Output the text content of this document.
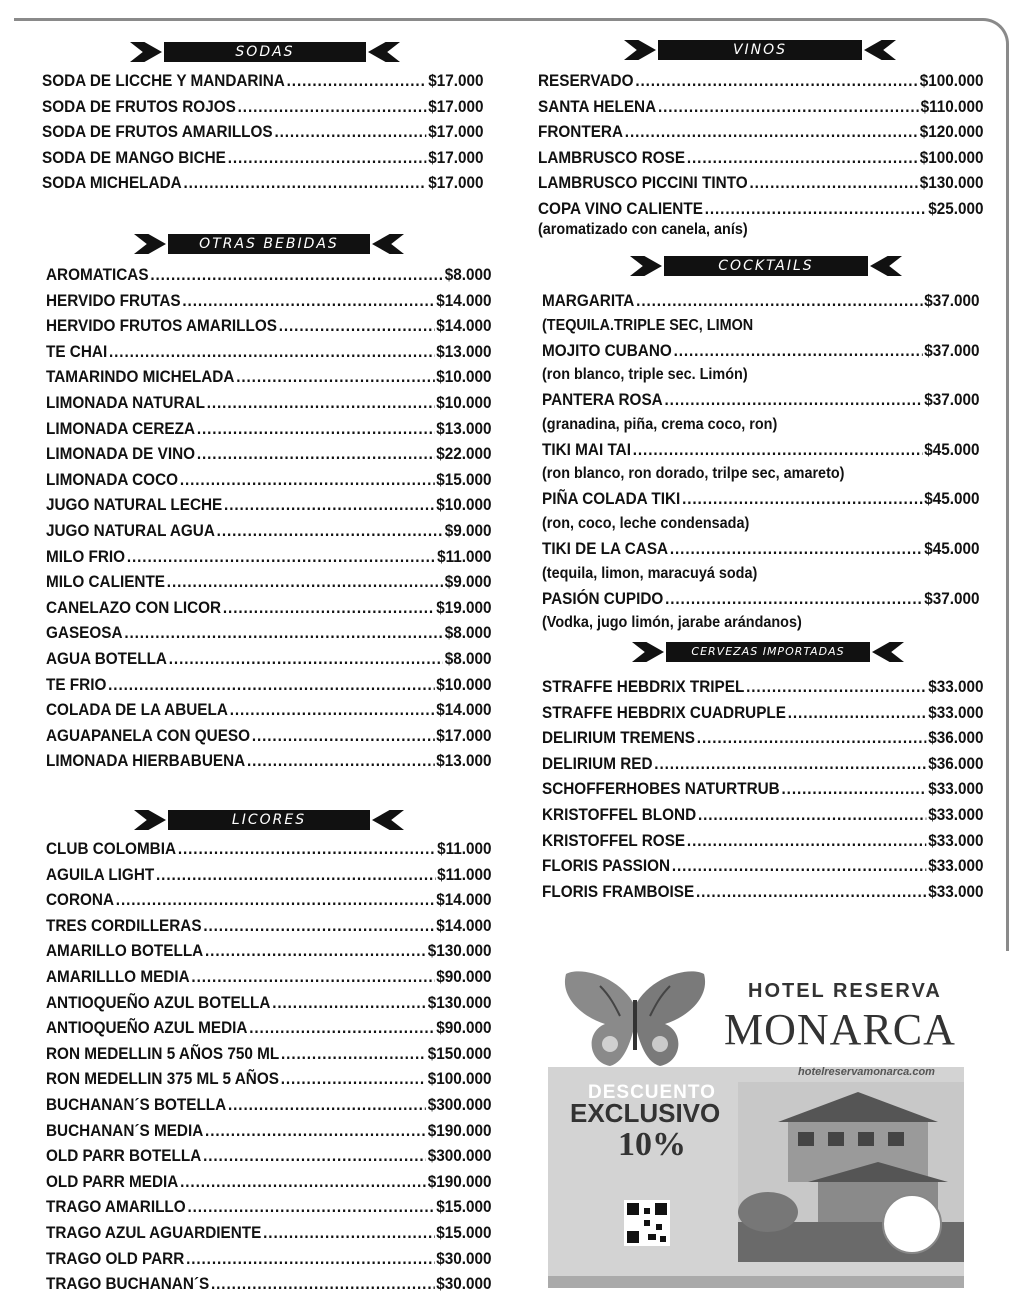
SODAS
SODA DE LICCHE Y MANDARINA .....	$17.000
SODA DE FRUTOS ROJOS .....	$17.000
SODA DE FRUTOS AMARILLOS .....	$17.000
SODA DE MANGO BICHE .....	$17.000
SODA MICHELADA .....	$17.000
OTRAS BEBIDAS
AROMATICAS .....	$8.000
HERVIDO FRUTAS .....	$14.000
HERVIDO FRUTOS AMARILLOS .....	$14.000
TE CHAI .....	$13.000
TAMARINDO MICHELADA .....	$10.000
LIMONADA NATURAL .....	$10.000
LIMONADA CEREZA .....	$13.000
LIMONADA DE VINO .....	$22.000
LIMONADA COCO .....	$15.000
JUGO NATURAL LECHE .....	$10.000
JUGO NATURAL AGUA .....	$9.000
MILO FRIO .....	$11.000
MILO CALIENTE .....	$9.000
CANELAZO CON LICOR .....	$19.000
GASEOSA .....	$8.000
AGUA BOTELLA .....	$8.000
TE FRIO .....	$10.000
COLADA DE LA ABUELA .....	$14.000
AGUAPANELA CON QUESO .....	$17.000
LIMONADA HIERBABUENA .....	$13.000
LICORES
CLUB COLOMBIA .....	$11.000
AGUILA LIGHT .....	$11.000
CORONA .....	$14.000
TRES CORDILLERAS .....	$14.000
AMARILLO BOTELLA .....	$130.000
AMARILLLO MEDIA .....	$90.000
ANTIOQUEÑO AZUL BOTELLA .....	$130.000
ANTIOQUEÑO AZUL MEDIA .....	$90.000
RON MEDELLIN 5 AÑOS 750 ML .....	$150.000
RON MEDELLIN 375 ML 5 AÑOS .....	$100.000
BUCHANAN´S BOTELLA .....	$300.000
BUCHANAN´S MEDIA .....	$190.000
OLD PARR BOTELLA .....	$300.000
OLD PARR MEDIA .....	$190.000
TRAGO AMARILLO .....	$15.000
TRAGO AZUL AGUARDIENTE .....	$15.000
TRAGO OLD PARR .....	$30.000
TRAGO BUCHANAN´S .....	$30.000
VINOS
RESERVADO .....	$100.000
SANTA HELENA .....	$110.000
FRONTERA .....	$120.000
LAMBRUSCO ROSE .....	$100.000
LAMBRUSCO PICCINI TINTO .....	$130.000
COPA VINO CALIENTE .....	$25.000
(aromatizado con canela, anís)
COCKTAILS
MARGARITA .....	$37.000
(TEQUILA.TRIPLE SEC, LIMON
MOJITO CUBANO .....	$37.000
(ron blanco, triple sec. Limón)
PANTERA ROSA .....	$37.000
(granadina, piña, crema coco, ron)
TIKI MAI TAI .....	$45.000
(ron blanco, ron dorado, trilpe sec, amareto)
PIÑA COLADA TIKI .....	$45.000
(ron, coco, leche condensada)
TIKI DE LA CASA .....	$45.000
(tequila, limon, maracuyá soda)
PASIÓN CUPIDO .....	$37.000
(Vodka, jugo limón, jarabe arándanos)
CERVEZAS IMPORTADAS
STRAFFE HEBDRIX TRIPEL .....	$33.000
STRAFFE HEBDRIX CUADRUPLE .....	$33.000
DELIRIUM TREMENS .....	$36.000
DELIRIUM RED .....	$36.000
SCHOFFERHOBES NATURTRUB .....	$33.000
KRISTOFFEL BLOND .....	$33.000
KRISTOFFEL ROSE .....	$33.000
FLORIS PASSION .....	$33.000
FLORIS FRAMBOISE .....	$33.000
HOTEL RESERVA
MONARCA
hotelreservamonarca.com
DESCUENTO
EXCLUSIVO
10%
